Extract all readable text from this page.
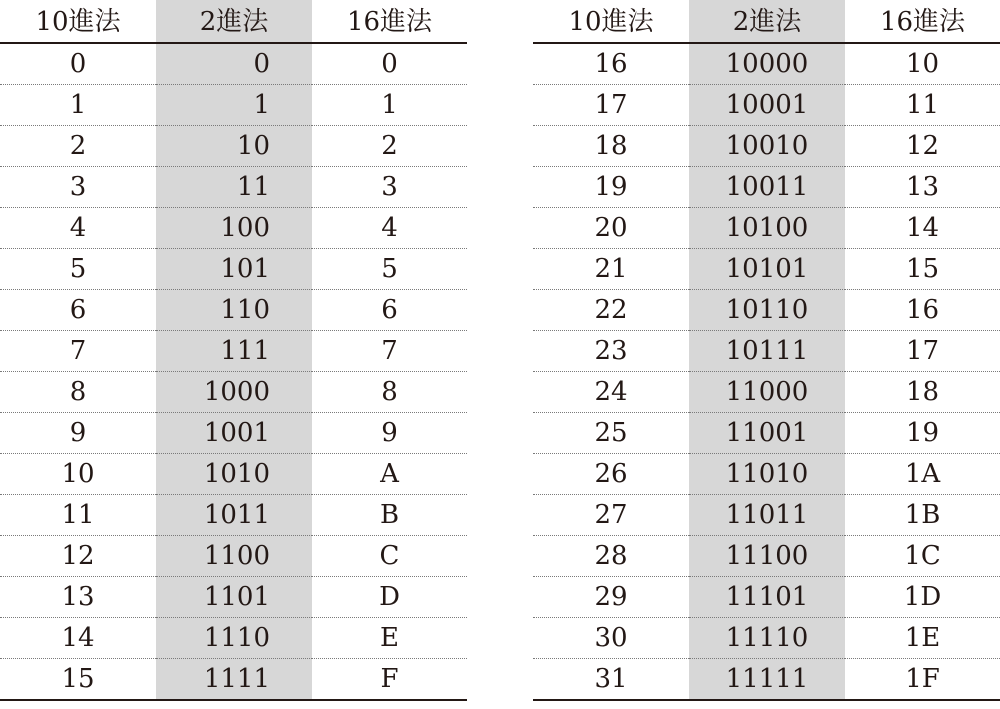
10進法	2進法	16進法
0	0	0
1	1	1
2	10	2
3	11	3
4	100	4
5	101	5
6	110	6
7	111	7
8	1000	8
9	1001	9
10	1010	A
11	1011	B
12	1100	C
13	1101	D
14	1110	E
15	1111	F
10進法	2進法	16進法
16	10000	10
17	10001	11
18	10010	12
19	10011	13
20	10100	14
21	10101	15
22	10110	16
23	10111	17
24	11000	18
25	11001	19
26	11010	1A
27	11011	1B
28	11100	1C
29	11101	1D
30	11110	1E
31	11111	1F
